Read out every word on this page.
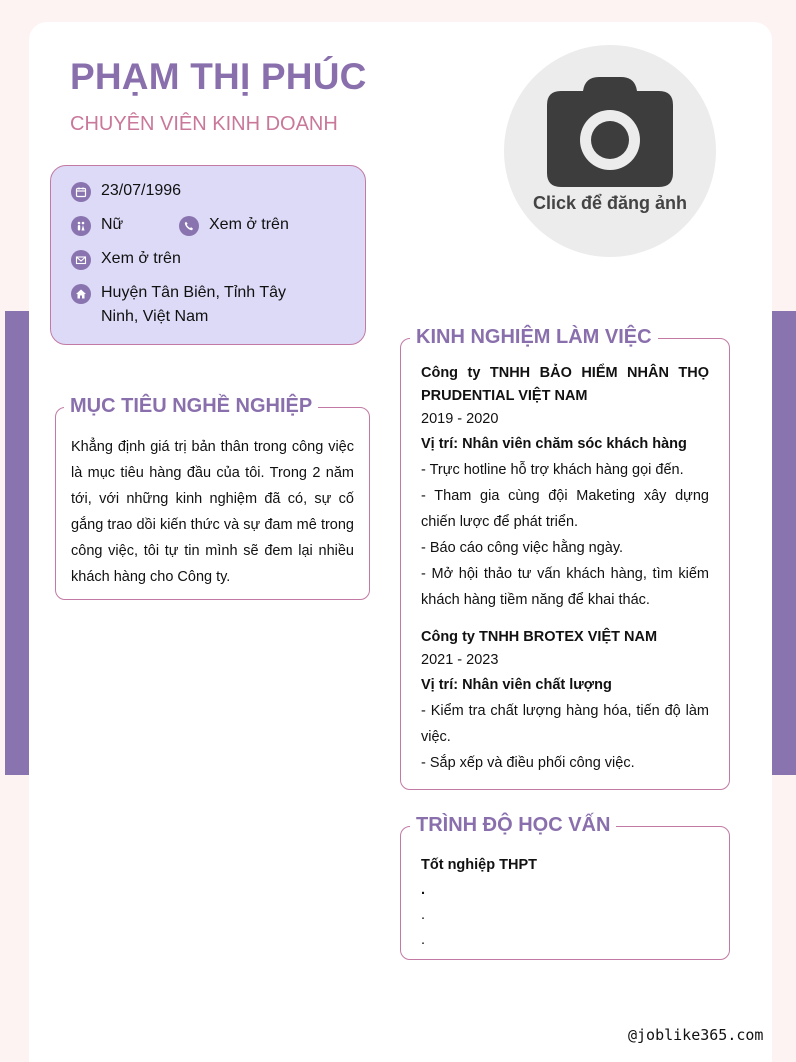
PHẠM THỊ PHÚC
CHUYÊN VIÊN KINH DOANH
23/07/1996
Nữ	Xem ở trên
Xem ở trên
Huyện Tân Biên, Tỉnh Tây Ninh, Việt Nam
Click để đăng ảnh
MỤC TIÊU NGHỀ NGHIỆP
Khẳng định giá trị bản thân trong công việc là mục tiêu hàng đầu của tôi. Trong 2 năm tới, với những kinh nghiệm đã có, sự cố gắng trao dồi kiến thức và sự đam mê trong công việc, tôi tự tin mình sẽ đem lại nhiều khách hàng cho Công ty.
KINH NGHIỆM LÀM VIỆC
Công ty TNHH BẢO HIỂM NHÂN THỌ PRUDENTIAL VIỆT NAM
2019 - 2020
Vị trí: Nhân viên chăm sóc khách hàng
- Trực hotline hỗ trợ khách hàng gọi đến.
- Tham gia cùng đội Maketing xây dựng chiến lược để phát triển.
- Báo cáo công việc hằng ngày.
- Mở hội thảo tư vấn khách hàng, tìm kiếm khách hàng tiềm năng để khai thác.
Công ty TNHH BROTEX VIỆT NAM
2021 - 2023
Vị trí: Nhân viên chất lượng
- Kiểm tra chất lượng hàng hóa, tiến độ làm việc.
- Sắp xếp và điều phối công việc.
TRÌNH ĐỘ HỌC VẤN
Tốt nghiệp THPT
.
.
.
@joblike365.com
